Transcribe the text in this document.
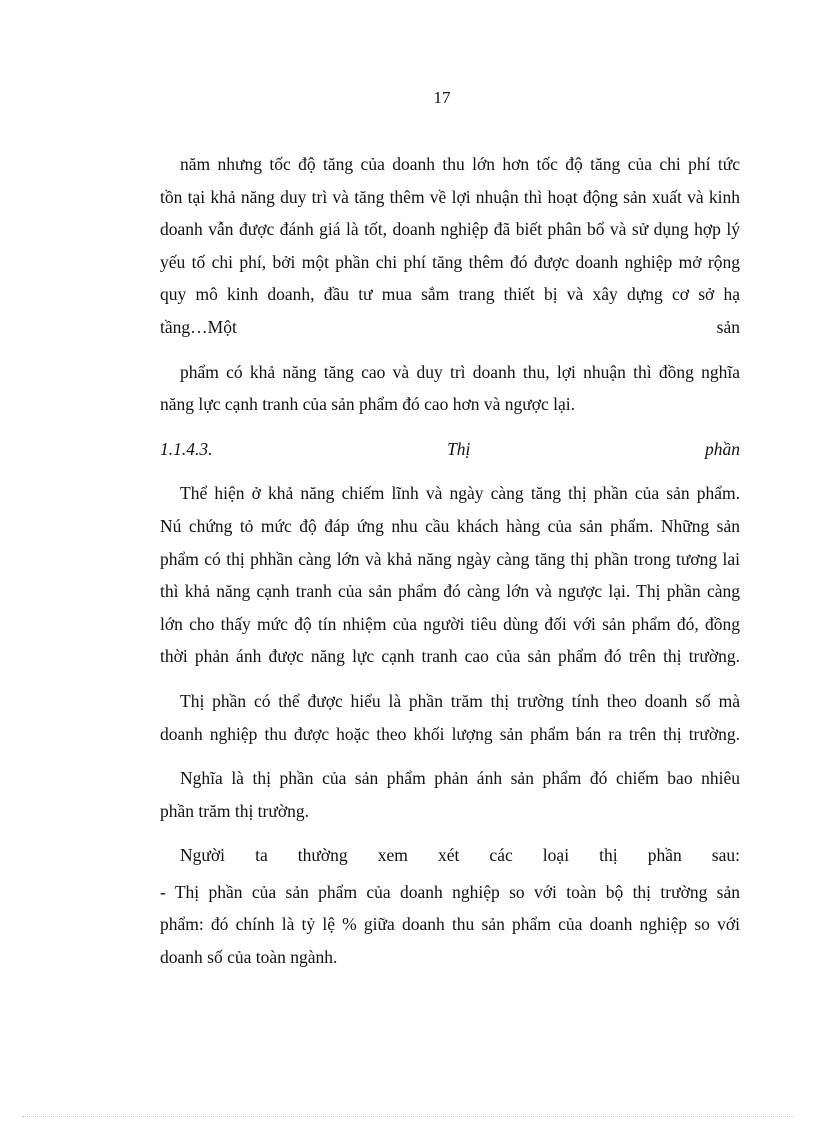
17
năm nhưng tốc độ tăng của doanh thu lớn hơn tốc độ tăng của chi phí tức
tồn tại khả năng duy trì và tăng thêm về lợi nhuận thì hoạt động sản xuất và kinh
doanh vẫn được đánh giá là tốt, doanh nghiệp đã biết phân bổ và sử dụng hợp lý
yếu tố chi phí, bởi một phần chi phí tăng thêm đó được doanh nghiệp mở rộng
quy mô kinh doanh, đầu tư mua sắm trang thiết bị và xây dựng cơ sở hạ
tầng…Một sản
phẩm có khả năng tăng cao và duy trì doanh thu, lợi nhuận thì đồng nghĩa
năng lực cạnh tranh của sản phẩm đó cao hơn và ngược lại.
1.1.4.3. Thị phần
Thể hiện ở khả năng chiếm lĩnh và ngày càng tăng thị phần của sản phẩm.
Nú chứng tỏ mức độ đáp ứng nhu cầu khách hàng của sản phẩm. Những sản
phẩm có thị phhần càng lớn và khả năng ngày càng tăng thị phần trong tương lai
thì khả năng cạnh tranh của sản phẩm đó càng lớn và ngược lại. Thị phần càng
lớn cho thấy mức độ tín nhiệm của người tiêu dùng đối với sản phẩm đó, đồng
thời phản ánh được năng lực cạnh tranh cao của sản phẩm đó trên thị trường.
Thị phần có thể được hiểu là phần trăm thị trường tính theo doanh số mà
doanh nghiệp thu được hoặc theo khối lượng sản phẩm bán ra trên thị trường.
Nghĩa là thị phần của sản phẩm phản ánh sản phẩm đó chiếm bao nhiêu
phần trăm thị trường.
Người ta thường xem xét các loại thị phần sau:
- Thị phần của sản phẩm của doanh nghiệp so với toàn bộ thị trường sản
phẩm: đó chính là tỷ lệ % giữa doanh thu sản phẩm của doanh nghiệp so với
doanh số của toàn ngành.
